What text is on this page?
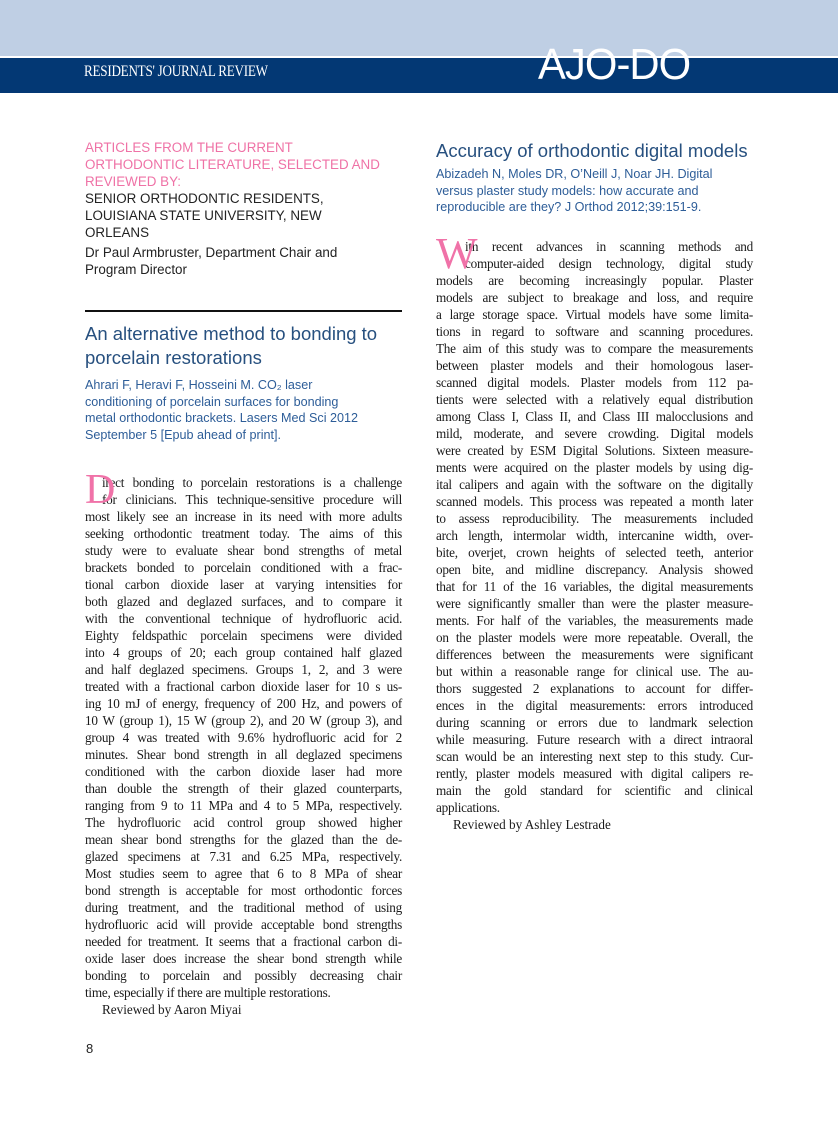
RESIDENTS' JOURNAL REVIEW	AJO-DO
ARTICLES FROM THE CURRENT
ORTHODONTIC LITERATURE, SELECTED AND
REVIEWED BY:
SENIOR ORTHODONTIC RESIDENTS,
LOUISIANA STATE UNIVERSITY, NEW
ORLEANS
Dr Paul Armbruster, Department Chair and
Program Director
An alternative method to bonding to
porcelain restorations
Ahrari F, Heravi F, Hosseini M. CO₂ laser
conditioning of porcelain surfaces for bonding
metal orthodontic brackets. Lasers Med Sci 2012
September 5 [Epub ahead of print].
D
irect bonding to porcelain restorations is a challenge
for clinicians. This technique-sensitive procedure will
most likely see an increase in its need with more adults
seeking orthodontic treatment today. The aims of this
study were to evaluate shear bond strengths of metal
brackets bonded to porcelain conditioned with a frac-
tional carbon dioxide laser at varying intensities for
both glazed and deglazed surfaces, and to compare it
with the conventional technique of hydrofluoric acid.
Eighty feldspathic porcelain specimens were divided
into 4 groups of 20; each group contained half glazed
and half deglazed specimens. Groups 1, 2, and 3 were
treated with a fractional carbon dioxide laser for 10 s us-
ing 10 mJ of energy, frequency of 200 Hz, and powers of
10 W (group 1), 15 W (group 2), and 20 W (group 3), and
group 4 was treated with 9.6% hydrofluoric acid for 2
minutes. Shear bond strength in all deglazed specimens
conditioned with the carbon dioxide laser had more
than double the strength of their glazed counterparts,
ranging from 9 to 11 MPa and 4 to 5 MPa, respectively.
The hydrofluoric acid control group showed higher
mean shear bond strengths for the glazed than the de-
glazed specimens at 7.31 and 6.25 MPa, respectively.
Most studies seem to agree that 6 to 8 MPa of shear
bond strength is acceptable for most orthodontic forces
during treatment, and the traditional method of using
hydrofluoric acid will provide acceptable bond strengths
needed for treatment. It seems that a fractional carbon di-
oxide laser does increase the shear bond strength while
bonding to porcelain and possibly decreasing chair
time, especially if there are multiple restorations.
Reviewed by Aaron Miyai
Accuracy of orthodontic digital models
Abizadeh N, Moles DR, O’Neill J, Noar JH. Digital
versus plaster study models: how accurate and
reproducible are they? J Orthod 2012;39:151-9.
W
ith recent advances in scanning methods and
computer-aided design technology, digital study
models are becoming increasingly popular. Plaster
models are subject to breakage and loss, and require
a large storage space. Virtual models have some limita-
tions in regard to software and scanning procedures.
The aim of this study was to compare the measurements
between plaster models and their homologous laser-
scanned digital models. Plaster models from 112 pa-
tients were selected with a relatively equal distribution
among Class I, Class II, and Class III malocclusions and
mild, moderate, and severe crowding. Digital models
were created by ESM Digital Solutions. Sixteen measure-
ments were acquired on the plaster models by using dig-
ital calipers and again with the software on the digitally
scanned models. This process was repeated a month later
to assess reproducibility. The measurements included
arch length, intermolar width, intercanine width, over-
bite, overjet, crown heights of selected teeth, anterior
open bite, and midline discrepancy. Analysis showed
that for 11 of the 16 variables, the digital measurements
were significantly smaller than were the plaster measure-
ments. For half of the variables, the measurements made
on the plaster models were more repeatable. Overall, the
differences between the measurements were significant
but within a reasonable range for clinical use. The au-
thors suggested 2 explanations to account for differ-
ences in the digital measurements: errors introduced
during scanning or errors due to landmark selection
while measuring. Future research with a direct intraoral
scan would be an interesting next step to this study. Cur-
rently, plaster models measured with digital calipers re-
main the gold standard for scientific and clinical
applications.
Reviewed by Ashley Lestrade
8
